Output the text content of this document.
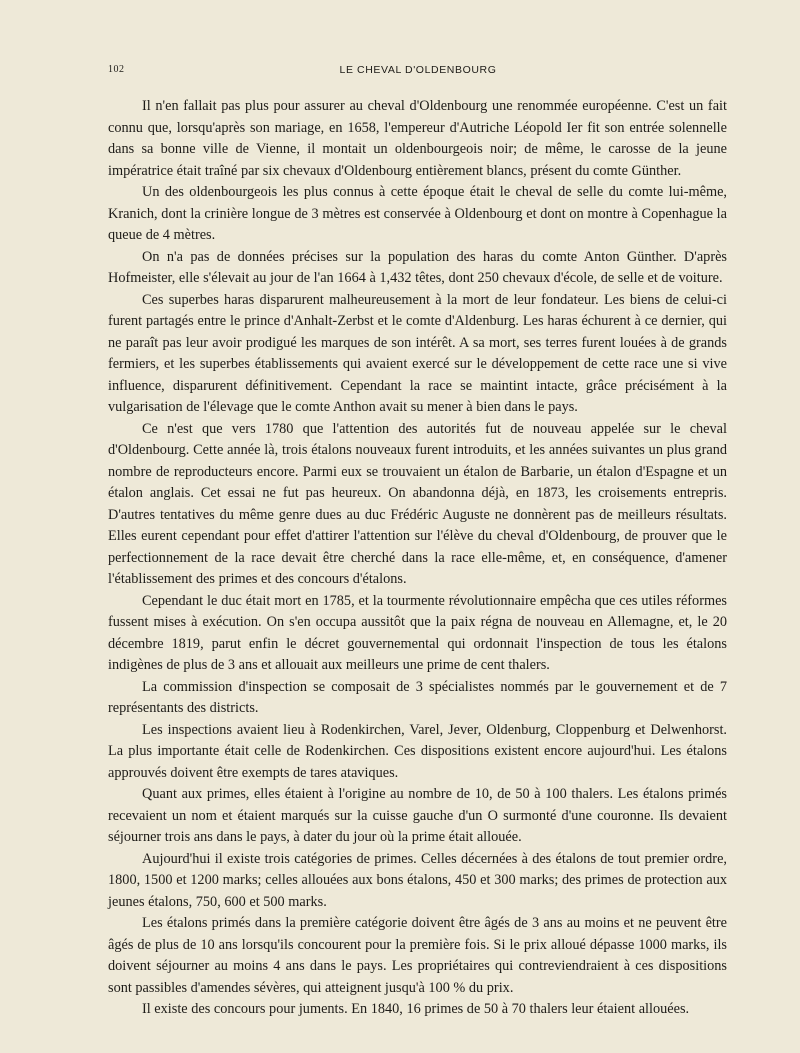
102	LE CHEVAL D'OLDENBOURG

Il n'en fallait pas plus pour assurer au cheval d'Oldenbourg une renommée européenne. C'est un fait connu que, lorsqu'après son mariage, en 1658, l'empereur d'Autriche Léopold Ier fit son entrée solennelle dans sa bonne ville de Vienne, il montait un oldenbourgeois noir; de même, le carosse de la jeune impératrice était traîné par six chevaux d'Oldenbourg entièrement blancs, présent du comte Günther.

Un des oldenbourgeois les plus connus à cette époque était le cheval de selle du comte lui-même, Kranich, dont la crinière longue de 3 mètres est conservée à Oldenbourg et dont on montre à Copenhague la queue de 4 mètres.

On n'a pas de données précises sur la population des haras du comte Anton Günther. D'après Hofmeister, elle s'élevait au jour de l'an 1664 à 1,432 têtes, dont 250 chevaux d'école, de selle et de voiture.

Ces superbes haras disparurent malheureusement à la mort de leur fondateur. Les biens de celui-ci furent partagés entre le prince d'Anhalt-Zerbst et le comte d'Aldenburg. Les haras échurent à ce dernier, qui ne paraît pas leur avoir prodigué les marques de son intérêt. A sa mort, ses terres furent louées à de grands fermiers, et les superbes établissements qui avaient exercé sur le développement de cette race une si vive influence, disparurent définitivement. Cependant la race se maintint intacte, grâce précisément à la vulgarisation de l'élevage que le comte Anthon avait su mener à bien dans le pays.

Ce n'est que vers 1780 que l'attention des autorités fut de nouveau appelée sur le cheval d'Oldenbourg. Cette année là, trois étalons nouveaux furent introduits, et les années suivantes un plus grand nombre de reproducteurs encore. Parmi eux se trouvaient un étalon de Barbarie, un étalon d'Espagne et un étalon anglais. Cet essai ne fut pas heureux. On abandonna déjà, en 1873, les croisements entrepris. D'autres tentatives du même genre dues au duc Frédéric Auguste ne donnèrent pas de meilleurs résultats. Elles eurent cependant pour effet d'attirer l'attention sur l'élève du cheval d'Oldenbourg, de prouver que le perfectionnement de la race devait être cherché dans la race elle-même, et, en conséquence, d'amener l'établissement des primes et des concours d'étalons.

Cependant le duc était mort en 1785, et la tourmente révolutionnaire empêcha que ces utiles réformes fussent mises à exécution. On s'en occupa aussitôt que la paix régna de nouveau en Allemagne, et, le 20 décembre 1819, parut enfin le décret gouvernemental qui ordonnait l'inspection de tous les étalons indigènes de plus de 3 ans et allouait aux meilleurs une prime de cent thalers.

La commission d'inspection se composait de 3 spécialistes nommés par le gouvernement et de 7 représentants des districts.

Les inspections avaient lieu à Rodenkirchen, Varel, Jever, Oldenburg, Cloppenburg et Delwenhorst. La plus importante était celle de Rodenkirchen. Ces dispositions existent encore aujourd'hui. Les étalons approuvés doivent être exempts de tares ataviques.

Quant aux primes, elles étaient à l'origine au nombre de 10, de 50 à 100 thalers. Les étalons primés recevaient un nom et étaient marqués sur la cuisse gauche d'un O surmonté d'une couronne. Ils devaient séjourner trois ans dans le pays, à dater du jour où la prime était allouée.

Aujourd'hui il existe trois catégories de primes. Celles décernées à des étalons de tout premier ordre, 1800, 1500 et 1200 marks; celles allouées aux bons étalons, 450 et 300 marks; des primes de protection aux jeunes étalons, 750, 600 et 500 marks.

Les étalons primés dans la première catégorie doivent être âgés de 3 ans au moins et ne peuvent être âgés de plus de 10 ans lorsqu'ils concourent pour la première fois. Si le prix alloué dépasse 1000 marks, ils doivent séjourner au moins 4 ans dans le pays. Les propriétaires qui contreviendraient à ces dispositions sont passibles d'amendes sévères, qui atteignent jusqu'à 100 % du prix.

Il existe des concours pour juments. En 1840, 16 primes de 50 à 70 thalers leur étaient allouées.
